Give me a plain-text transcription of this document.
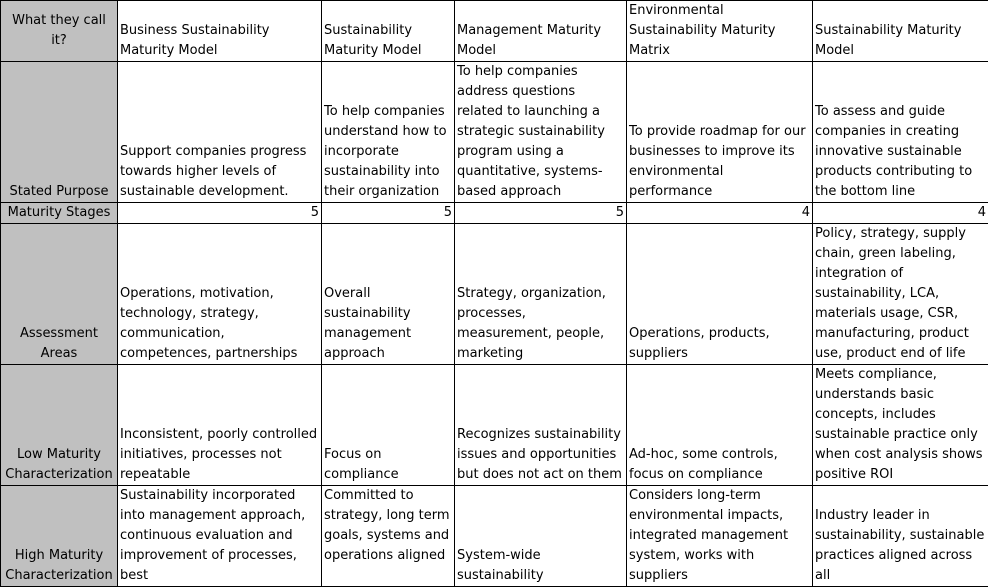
What they call it?	Business Sustainability Maturity Model	Sustainability Maturity Model	Management Maturity Model	Environmental Sustainability Maturity Matrix	Sustainability Maturity Model
Stated Purpose	Support companies progress towards higher levels of sustainable development.	To help companies understand how to incorporate sustainability into their organization	To help companies address questions related to launching a strategic sustainability program using a quantitative, systems-based approach	To provide roadmap for our businesses to improve its environmental performance	To assess and guide companies in creating innovative sustainable products contributing to the bottom line
Maturity Stages	5	5	5	4	4
Assessment Areas	Operations, motivation, technology, strategy, communication, competences, partnerships	Overall sustainability management approach	Strategy, organization, processes, measurement, people, marketing	Operations, products, suppliers	Policy, strategy, supply chain, green labeling, integration of sustainability, LCA, materials usage, CSR, manufacturing, product use, product end of life
Low Maturity Characterization	Inconsistent, poorly controlled initiatives, processes not repeatable	Focus on compliance	Recognizes sustainability issues and opportunities but does not act on them	Ad-hoc, some controls, focus on compliance	Meets compliance, understands basic concepts, includes sustainable practice only when cost analysis shows positive ROI
High Maturity Characterization	Sustainability incorporated into management approach, continuous evaluation and improvement of processes, best	Committed to strategy, long term goals, systems and operations aligned	System-wide sustainability	Considers long-term environmental impacts, integrated management system, works with suppliers	Industry leader in sustainability, sustainable practices aligned across all
